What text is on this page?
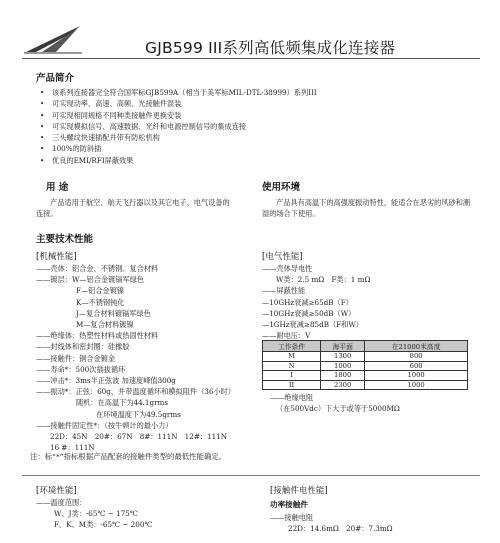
GJB599 III系列高低频集成化连接器
产品简介
• 该系列连接器完全符合国军标GJB599A（相当于美军标MIL-DTL-38999）系列III
• 可实现动率、高速、高频、光接触件混装
• 可实现相同规格不同种类接触件更换安装
• 可实现模拟信号、高速数据、光纤和电源控制信号的集成连接
• 三头螺纹快速插配并带有防松机构
• 100%的防斜插
• 优良的EMI/RFI屏蔽效果
用 途
产品适用于航空、航天飞行器以及其它电子、电气设备的连接。
使用环境
产品具有高温下的高强度振动特性，能适合在恶劣的风砂和潮湿的场合下使用。
主要技术性能
[机械性能]
——壳体：铝合金、不锈钢、复合材料
——镀层：W—铝合金镀镉军绿色
F—铝合金镀镍
K—不锈钢钝化
J—复合材料镀镉军绿色
M—复合材料镀镍
——绝缘体：热塑性材料或热固性材料
——封线体和密封圈：硅橡胶
——接触件：铜合金镀金
——寿命*：500次插拔循环
——冲击*：3ms半正弦波 加速度峰值300g
——振动*：正弦：60g，并带温度循环和模拟阻件（36小时）
随机：在高温下为44.1grms
在环境温度下为49.5grms
——接触件固定性*：（按牛顿计的最小力）
22D：45N　20#：67N　8#：111N　12#：111N
16 #：111N
[电气性能]
——壳体导电性
W类：2.5 mΩ　F类：1 mΩ
——屏蔽性能
—10GHz衰减≥65dB（F）
—10GHz衰减≥50dB（W）
—1GHz衰减≥85dB（F和W）
——耐电压：V
工作条件	海平面	在21000米高度
M	1300	800
N	1000	600
I	1800	1000
II	2300	1000
——绝缘电阻
（在500Vdc）下大于或等于5000MΩ
注：标“*”指标根据产品配套的接触件类型的最低性能确定。
[环境性能]
——温度范围：
W、J类：-65℃ ~ 175℃
F、K、M类：-65℃ ~ 200℃
[接触件电性能]
功率接触件
——接触电阻
22D：14.6mΩ　20#：7.3mΩ
